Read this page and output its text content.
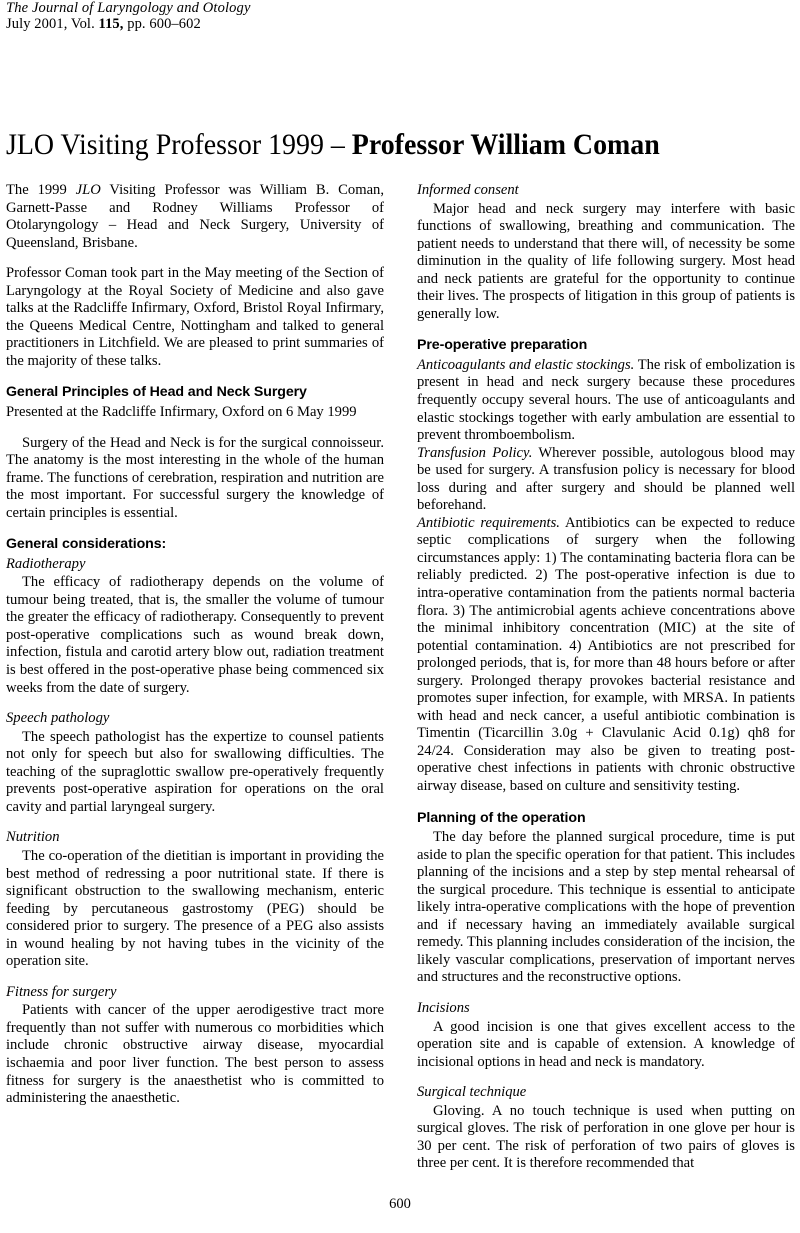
The Journal of Laryngology and Otology
July 2001, Vol. 115, pp. 600–602
JLO Visiting Professor 1999 – Professor William Coman

The 1999 JLO Visiting Professor was William B. Coman, Garnett-Passe and Rodney Williams Professor of Otolaryngology – Head and Neck Surgery, University of Queensland, Brisbane.

Professor Coman took part in the May meeting of the Section of Laryngology at the Royal Society of Medicine and also gave talks at the Radcliffe Infirmary, Oxford, Bristol Royal Infirmary, the Queens Medical Centre, Nottingham and talked to general practitioners in Litchfield. We are pleased to print summaries of the majority of these talks.

General Principles of Head and Neck Surgery

Presented at the Radcliffe Infirmary, Oxford on 6 May 1999

Surgery of the Head and Neck is for the surgical connoisseur. The anatomy is the most interesting in the whole of the human frame. The functions of cerebration, respiration and nutrition are the most important. For successful surgery the knowledge of certain principles is essential.

General considerations:
Radiotherapy

The efficacy of radiotherapy depends on the volume of tumour being treated, that is, the smaller the volume of tumour the greater the efficacy of radiotherapy. Consequently to prevent post-operative complications such as wound break down, infection, fistula and carotid artery blow out, radiation treatment is best offered in the post-operative phase being commenced six weeks from the date of surgery.

Speech pathology

The speech pathologist has the expertize to counsel patients not only for speech but also for swallowing difficulties. The teaching of the supraglottic swallow pre-operatively frequently prevents post-operative aspiration for operations on the oral cavity and partial laryngeal surgery.

Nutrition

The co-operation of the dietitian is important in providing the best method of redressing a poor nutritional state. If there is significant obstruction to the swallowing mechanism, enteric feeding by percutaneous gastrostomy (PEG) should be considered prior to surgery. The presence of a PEG also assists in wound healing by not having tubes in the vicinity of the operation site.

Fitness for surgery

Patients with cancer of the upper aerodigestive tract more frequently than not suffer with numerous co morbidities which include chronic obstructive airway disease, myocardial ischaemia and poor liver function. The best person to assess fitness for surgery is the anaesthetist who is committed to administering the anaesthetic.

Informed consent

Major head and neck surgery may interfere with basic functions of swallowing, breathing and communication. The patient needs to understand that there will, of necessity be some diminution in the quality of life following surgery. Most head and neck patients are grateful for the opportunity to continue their lives. The prospects of litigation in this group of patients is generally low.

Pre-operative preparation

Anticoagulants and elastic stockings. The risk of embolization is present in head and neck surgery because these procedures frequently occupy several hours. The use of anticoagulants and elastic stockings together with early ambulation are essential to prevent thromboembolism.

Transfusion Policy. Wherever possible, autologous blood may be used for surgery. A transfusion policy is necessary for blood loss during and after surgery and should be planned well beforehand.

Antibiotic requirements. Antibiotics can be expected to reduce septic complications of surgery when the following circumstances apply: 1) The contaminating bacteria flora can be reliably predicted. 2) The post-operative infection is due to intra-operative contamination from the patients normal bacteria flora. 3) The antimicrobial agents achieve concentrations above the minimal inhibitory concentration (MIC) at the site of potential contamination. 4) Antibiotics are not prescribed for prolonged periods, that is, for more than 48 hours before or after surgery. Prolonged therapy provokes bacterial resistance and promotes super infection, for example, with MRSA. In patients with head and neck cancer, a useful antibiotic combination is Timentin (Ticarcillin 3.0g + Clavulanic Acid 0.1g) qh8 for 24/24. Consideration may also be given to treating post-operative chest infections in patients with chronic obstructive airway disease, based on culture and sensitivity testing.

Planning of the operation

The day before the planned surgical procedure, time is put aside to plan the specific operation for that patient. This includes planning of the incisions and a step by step mental rehearsal of the surgical procedure. This technique is essential to anticipate likely intra-operative complications with the hope of prevention and if necessary having an immediately available surgical remedy. This planning includes consideration of the incision, the likely vascular complications, preservation of important nerves and structures and the reconstructive options.

Incisions

A good incision is one that gives excellent access to the operation site and is capable of extension. A knowledge of incisional options in head and neck is mandatory.

Surgical technique

Gloving. A no touch technique is used when putting on surgical gloves. The risk of perforation in one glove per hour is 30 per cent. The risk of perforation of two pairs of gloves is three per cent. It is therefore recommended that

600
